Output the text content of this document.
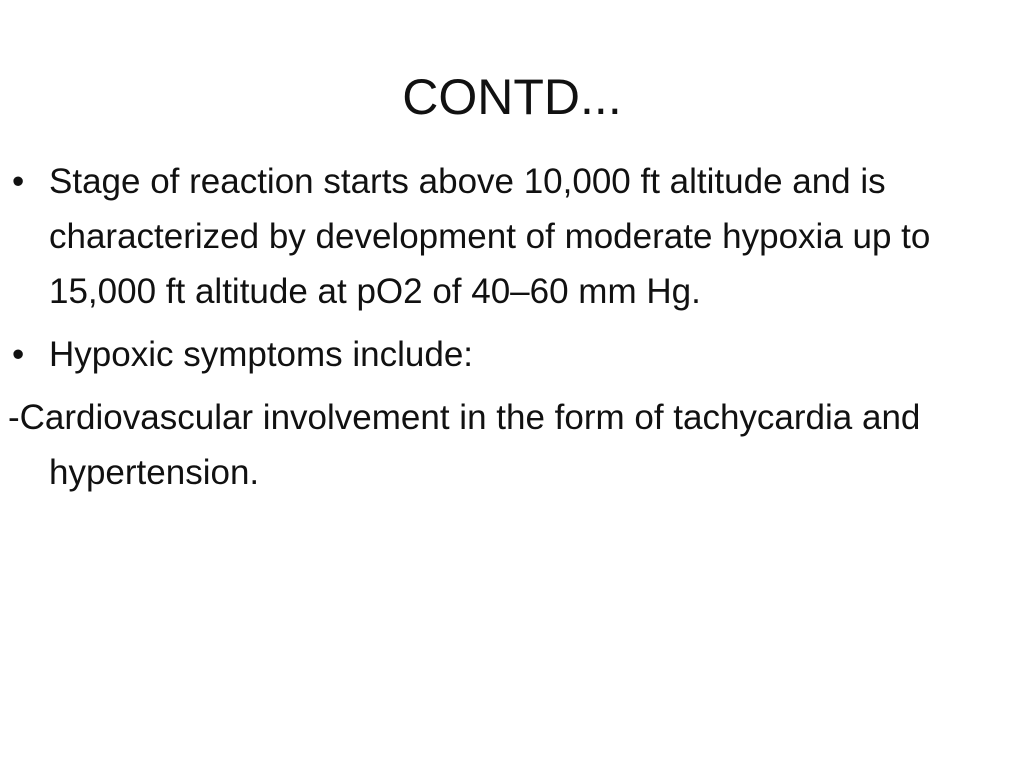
CONTD...
• Stage of reaction starts above 10,000 ft altitude and is characterized by development of moderate hypoxia up to 15,000 ft altitude at pO2 of 40–60 mm Hg.
• Hypoxic symptoms include:
-Cardiovascular involvement in the form of tachycardia and hypertension.
